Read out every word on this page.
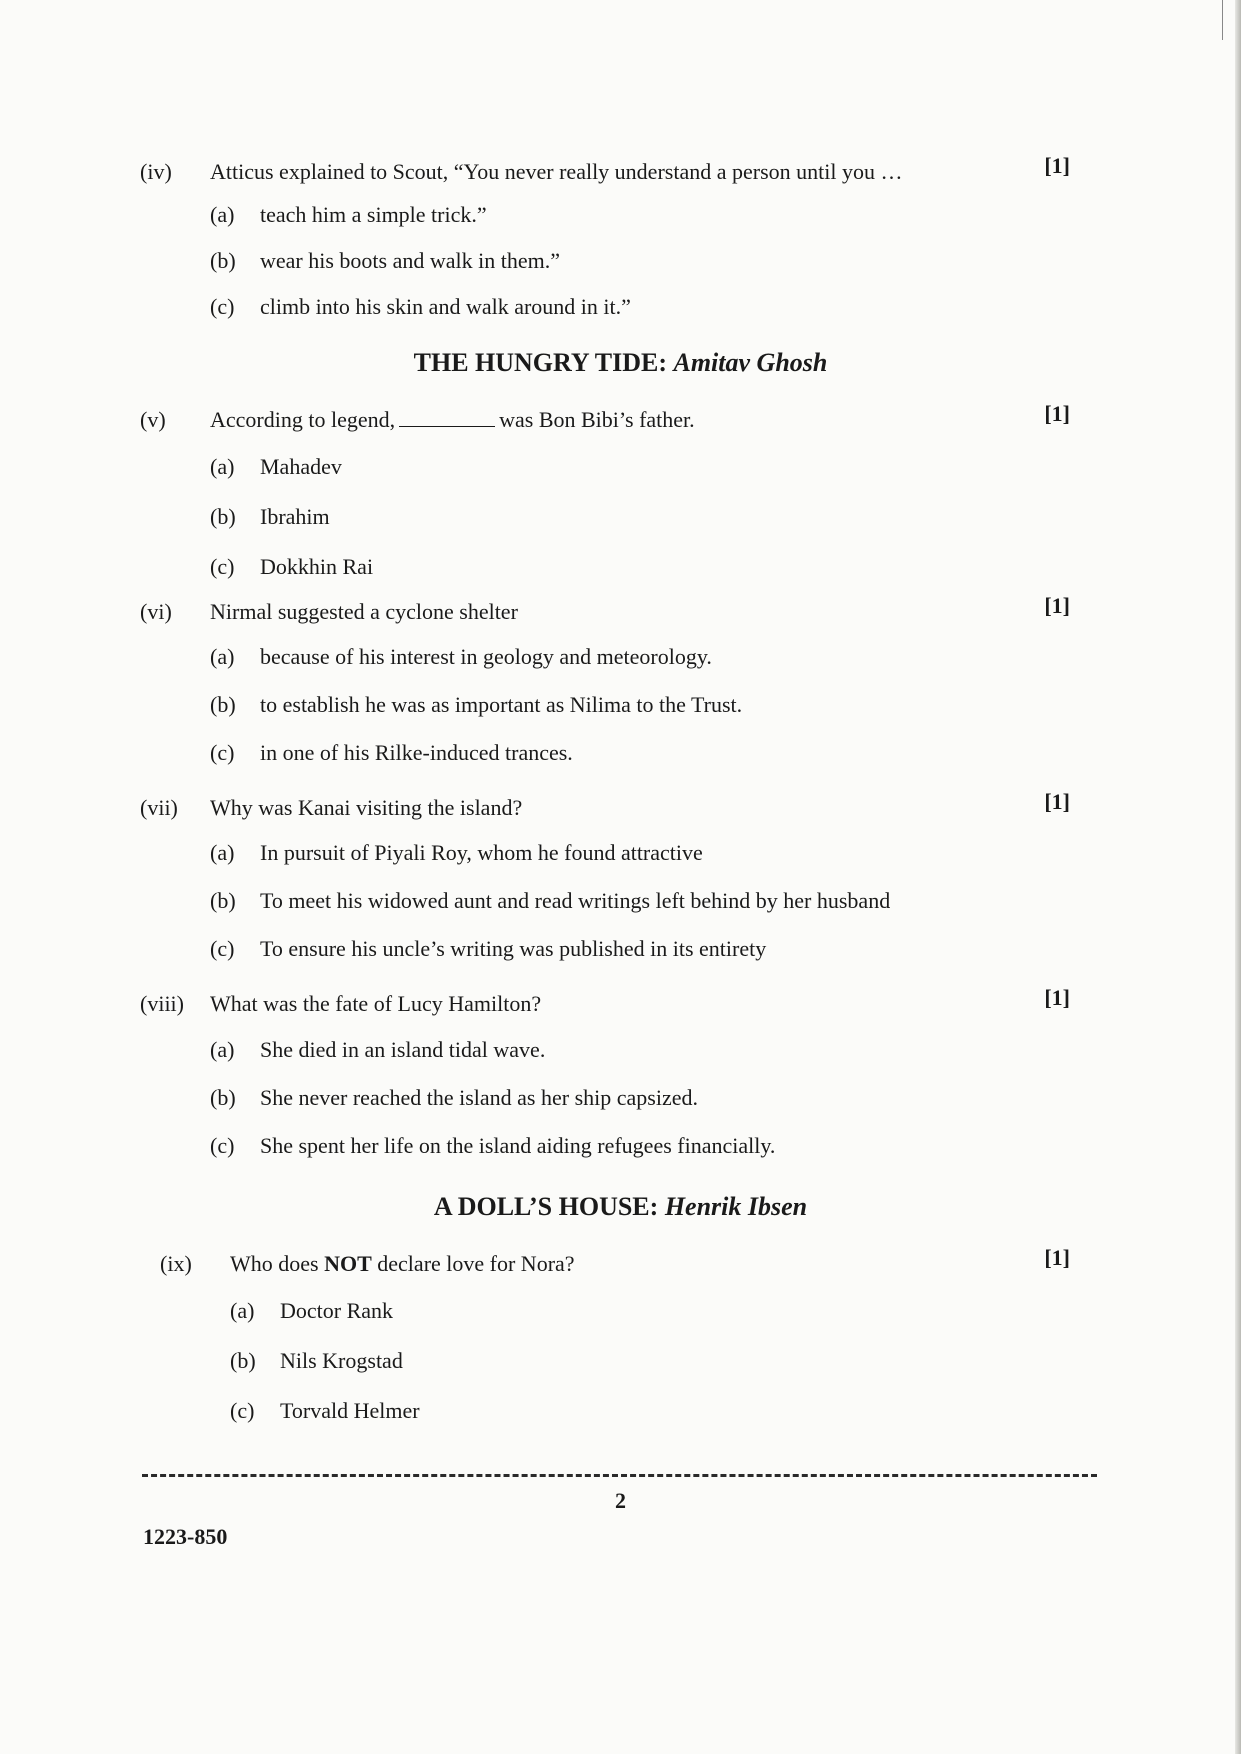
(iv) Atticus explained to Scout, “You never really understand a person until you …	[1]
(a) teach him a simple trick.”
(b) wear his boots and walk in them.”
(c) climb into his skin and walk around in it.”
THE HUNGRY TIDE: Amitav Ghosh
(v) According to legend,	was Bon Bibi’s father.	[1]
(a) Mahadev
(b) Ibrahim
(c) Dokkhin Rai
(vi) Nirmal suggested a cyclone shelter	[1]
(a) because of his interest in geology and meteorology.
(b) to establish he was as important as Nilima to the Trust.
(c) in one of his Rilke-induced trances.
(vii) Why was Kanai visiting the island?	[1]
(a) In pursuit of Piyali Roy, whom he found attractive
(b) To meet his widowed aunt and read writings left behind by her husband
(c) To ensure his uncle’s writing was published in its entirety
(viii) What was the fate of Lucy Hamilton?	[1]
(a) She died in an island tidal wave.
(b) She never reached the island as her ship capsized.
(c) She spent her life on the island aiding refugees financially.
A DOLL’S HOUSE: Henrik Ibsen
(ix) Who does NOT declare love for Nora?	[1]
(a) Doctor Rank
(b) Nils Krogstad
(c) Torvald Helmer
2
1223-850
